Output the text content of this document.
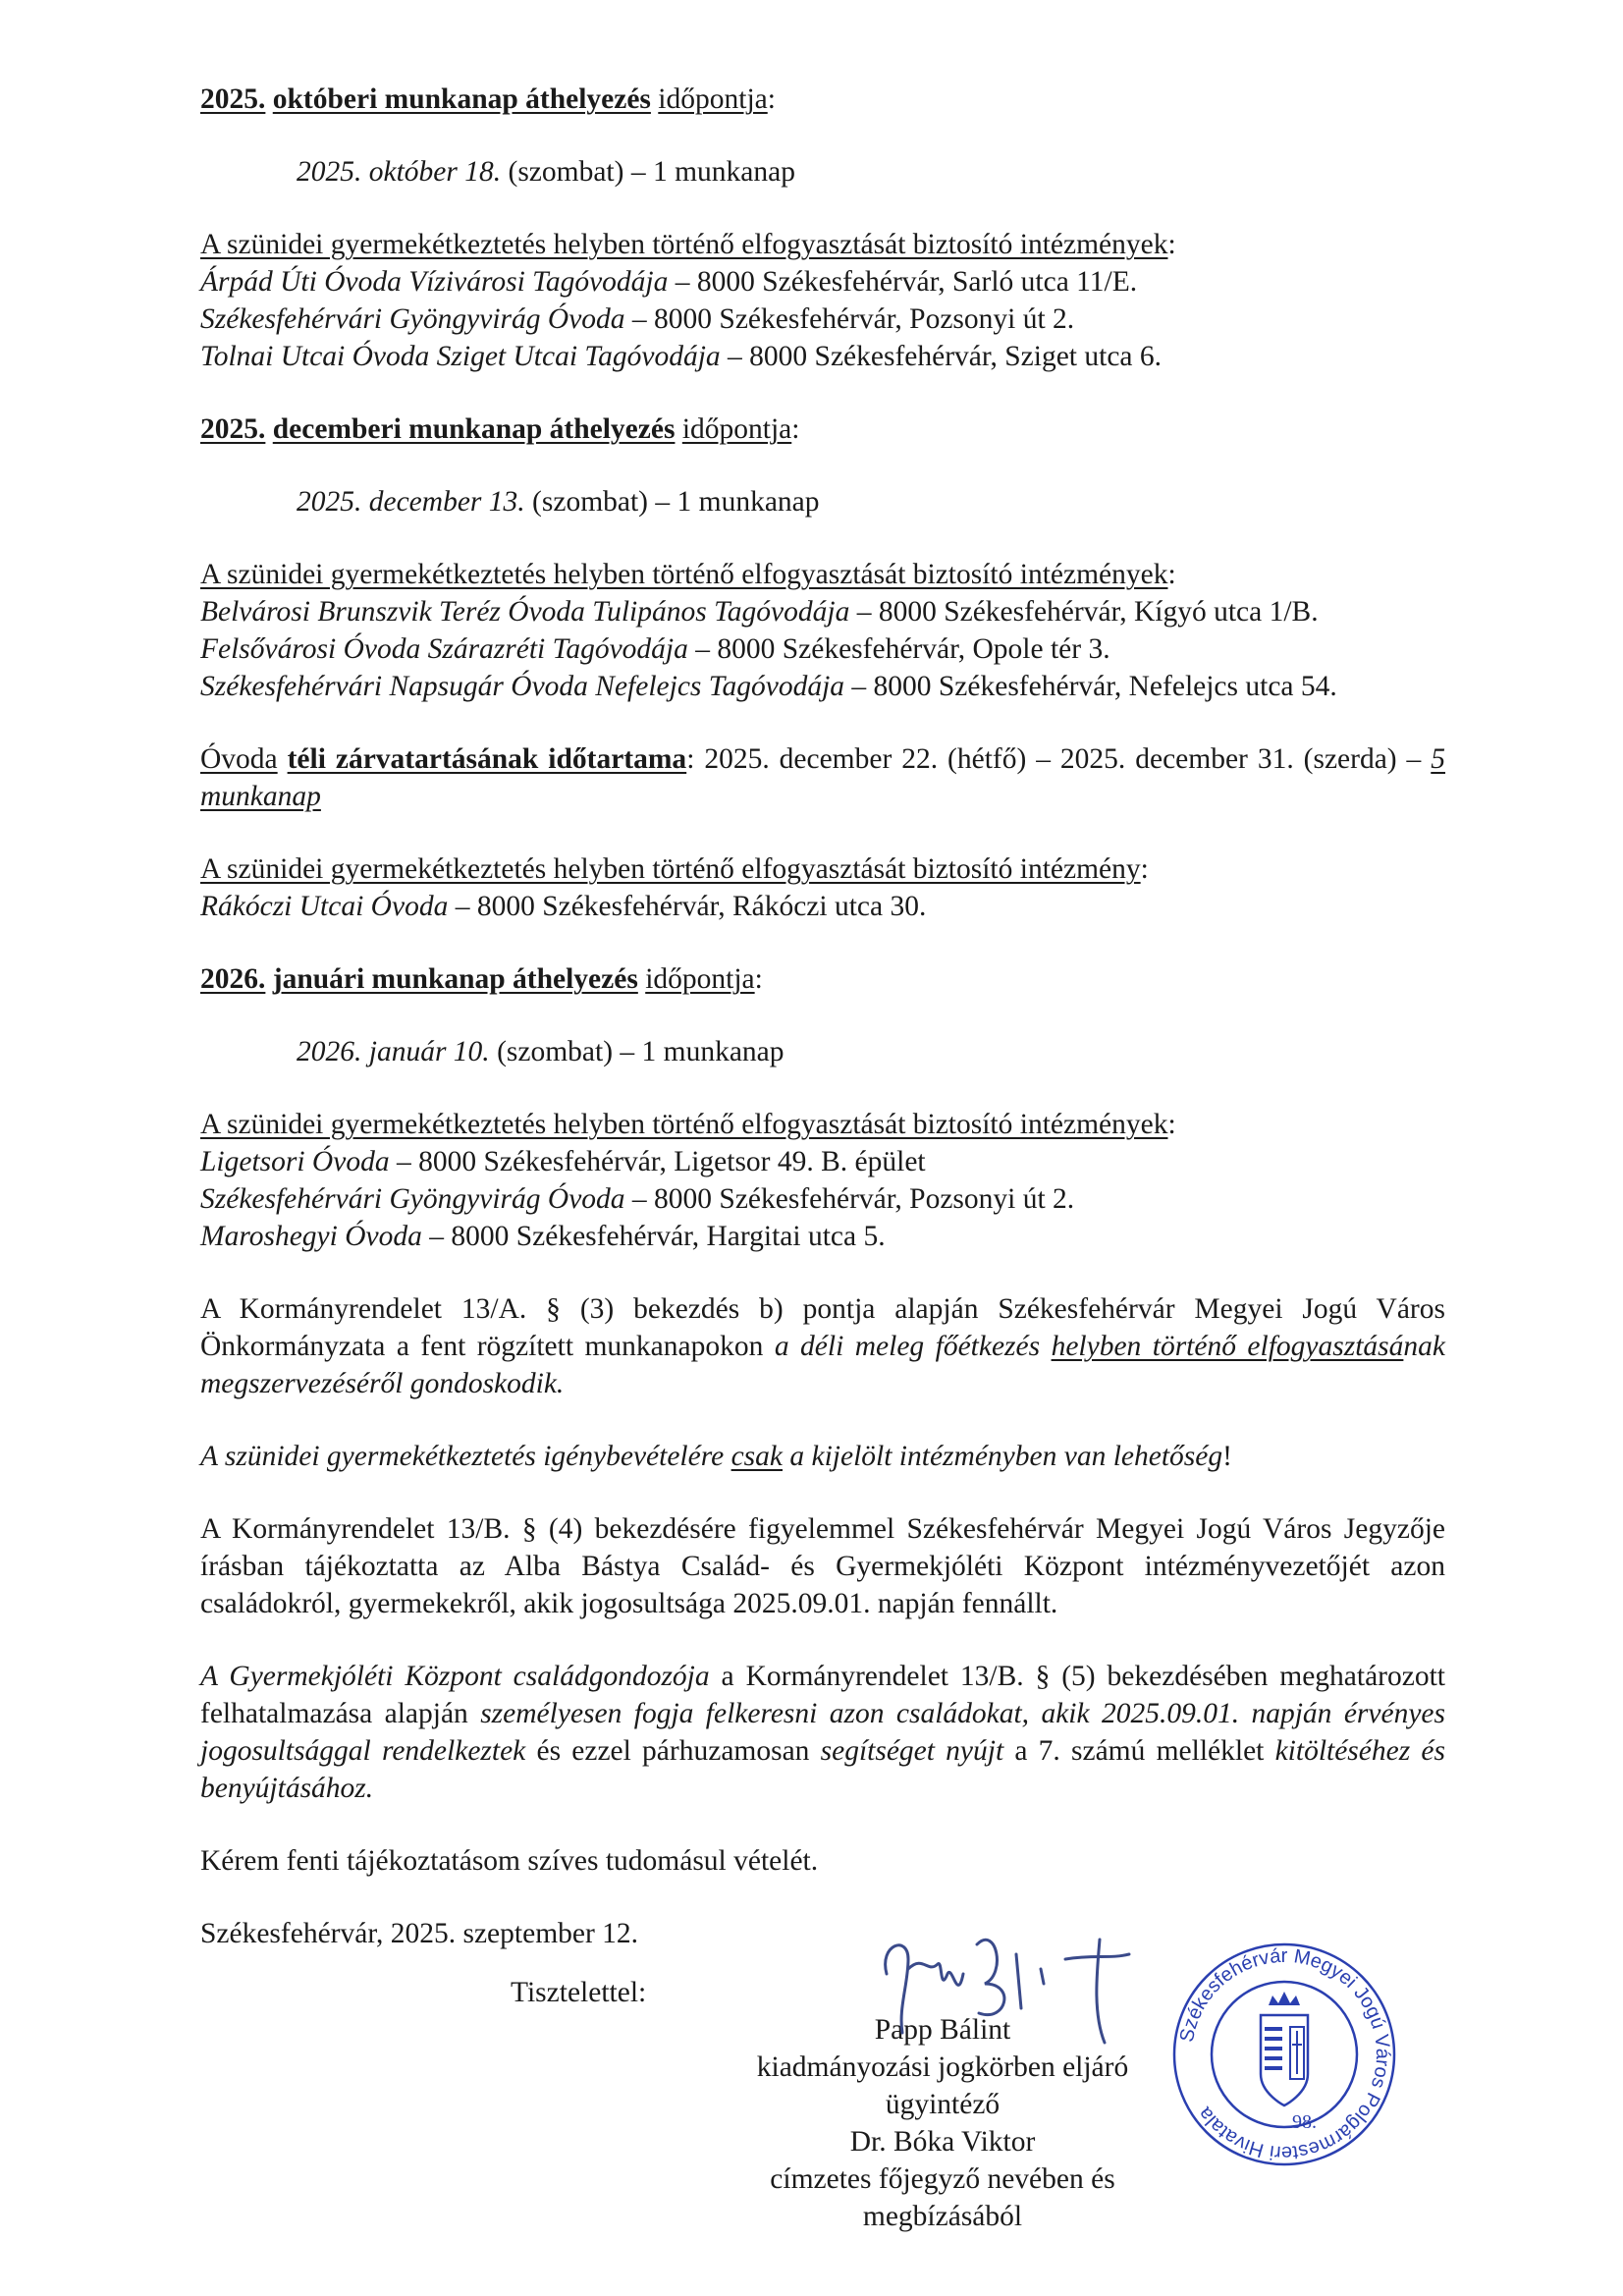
2025. októberi munkanap áthelyezés időpontja:

2025. október 18. (szombat) – 1 munkanap

A szünidei gyermekétkeztetés helyben történő elfogyasztását biztosító intézmények:

Árpád Úti Óvoda Vízivárosi Tagóvodája – 8000 Székesfehérvár, Sarló utca 11/E.

Székesfehérvári Gyöngyvirág Óvoda – 8000 Székesfehérvár, Pozsonyi út 2.

Tolnai Utcai Óvoda Sziget Utcai Tagóvodája – 8000 Székesfehérvár, Sziget utca 6.

2025. decemberi munkanap áthelyezés időpontja:

2025. december 13. (szombat) – 1 munkanap

A szünidei gyermekétkeztetés helyben történő elfogyasztását biztosító intézmények:

Belvárosi Brunszvik Teréz Óvoda Tulipános Tagóvodája – 8000 Székesfehérvár, Kígyó utca 1/B.

Felsővárosi Óvoda Szárazréti Tagóvodája – 8000 Székesfehérvár, Opole tér 3.

Székesfehérvári Napsugár Óvoda Nefelejcs Tagóvodája – 8000 Székesfehérvár, Nefelejcs utca 54.

Óvoda téli zárvatartásának időtartama: 2025. december 22. (hétfő) – 2025. december 31. (szerda) – 5 munkanap

A szünidei gyermekétkeztetés helyben történő elfogyasztását biztosító intézmény:

Rákóczi Utcai Óvoda – 8000 Székesfehérvár, Rákóczi utca 30.

2026. januári munkanap áthelyezés időpontja:

2026. január 10. (szombat) – 1 munkanap

A szünidei gyermekétkeztetés helyben történő elfogyasztását biztosító intézmények:

Ligetsori Óvoda – 8000 Székesfehérvár, Ligetsor 49. B. épület

Székesfehérvári Gyöngyvirág Óvoda – 8000 Székesfehérvár, Pozsonyi út 2.

Maroshegyi Óvoda – 8000 Székesfehérvár, Hargitai utca 5.

A Kormányrendelet 13/A. § (3) bekezdés b) pontja alapján Székesfehérvár Megyei Jogú Város Önkormányzata a fent rögzített munkanapokon a déli meleg főétkezés helyben történő elfogyasztásának megszervezéséről gondoskodik.

A szünidei gyermekétkeztetés igénybevételére csak a kijelölt intézményben van lehetőség!

A Kormányrendelet 13/B. § (4) bekezdésére figyelemmel Székesfehérvár Megyei Jogú Város Jegyzője írásban tájékoztatta az Alba Bástya Család- és Gyermekjóléti Központ intézményvezetőjét azon családokról, gyermekekről, akik jogosultsága 2025.09.01. napján fennállt.

A Gyermekjóléti Központ családgondozója a Kormányrendelet 13/B. § (5) bekezdésében meghatározott felhatalmazása alapján személyesen fogja felkeresni azon családokat, akik 2025.09.01. napján érvényes jogosultsággal rendelkeztek és ezzel párhuzamosan segítséget nyújt a 7. számú melléklet kitöltéséhez és benyújtásához.

Kérem fenti tájékoztatásom szíves tudomásul vételét.

Székesfehérvár, 2025. szeptember 12.

Tisztelettel:
Papp Bálint
kiadmányozási jogkörben eljáró
ügyintéző
Dr. Bóka Viktor
címzetes főjegyző nevében és megbízásából
98.
Székesfehérvár Megyei Jogú Város Polgármesteri Hivatala
